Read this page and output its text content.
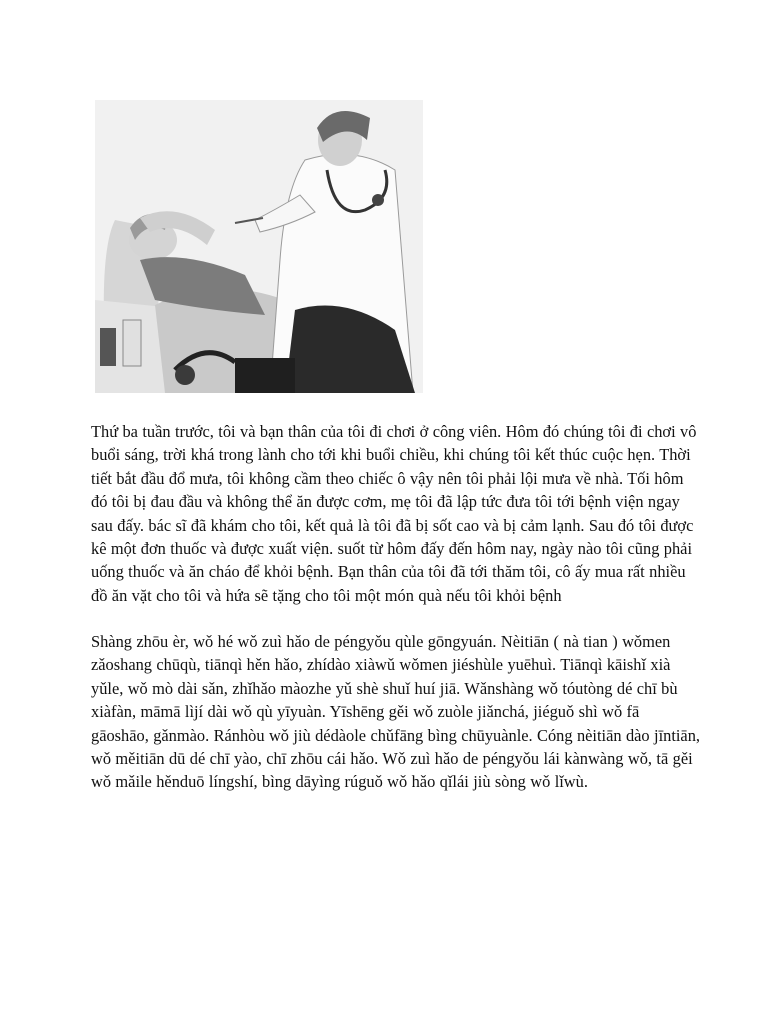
Thứ ba tuần trước, tôi và bạn thân của tôi đi chơi ở công viên. Hôm đó chúng tôi đi chơi vô buổi sáng, trời khá trong lành cho tới khi buổi chiều, khi chúng tôi kết thúc cuộc hẹn. Thời tiết bắt đầu đổ mưa, tôi không cầm theo chiếc ô vậy nên tôi phải lội mưa về nhà. Tối hôm đó tôi bị đau đầu và không thể ăn được cơm, mẹ tôi đã lập tức đưa tôi tới bệnh viện ngay sau đấy. bác sĩ đã khám cho tôi, kết quả là tôi đã bị sốt cao và bị cảm lạnh. Sau đó tôi được kê một đơn thuốc và được xuất viện. suốt từ hôm đấy đến hôm nay, ngày nào tôi cũng phải uống thuốc và ăn cháo để khỏi bệnh. Bạn thân của tôi đã tới thăm tôi, cô ấy mua rất nhiều đồ ăn vặt cho tôi và hứa sẽ tặng cho tôi một món quà nếu tôi khỏi bệnh

Shàng zhōu èr, wǒ hé wǒ zuì hǎo de péngyǒu qùle gōngyuán. Nèitiān ( nà tian ) wǒmen zǎoshang chūqù, tiānqì hěn hǎo, zhídào xiàwǔ wǒmen jiéshùle yuēhuì. Tiānqì kāishǐ xià yǔle, wǒ mò dài sǎn, zhǐhǎo màozhe yǔ shè shuǐ huí jiā. Wǎnshàng wǒ tóutòng dé chī bù xiàfàn, māmā lìjí dài wǒ qù yīyuàn. Yīshēng gěi wǒ zuòle jiǎnchá, jiéguǒ shì wǒ fā gāoshāo, gǎnmào. Ránhòu wǒ jiù dédàole chǔfāng bìng chūyuànle. Cóng nèitiān dào jīntiān, wǒ měitiān dū dé chī yào, chī zhōu cái hǎo. Wǒ zuì hǎo de péngyǒu lái kànwàng wǒ, tā gěi wǒ mǎile hěnduō língshí, bìng dāyìng rúguǒ wǒ hǎo qǐlái jiù sòng wǒ lǐwù.
